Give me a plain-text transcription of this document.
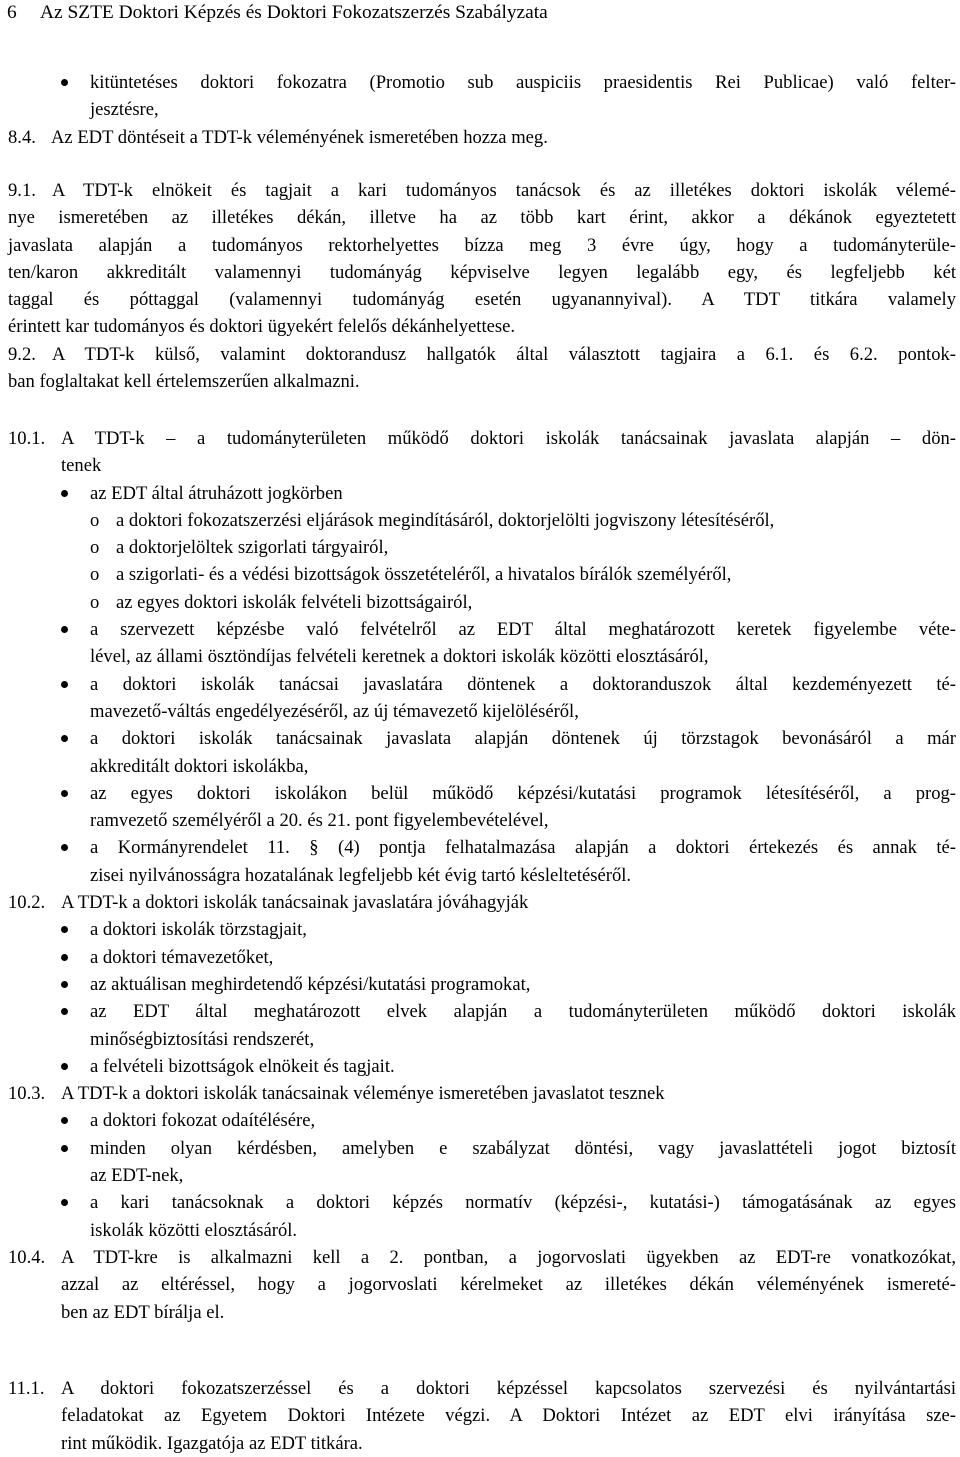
6 Az SZTE Doktori Képzés és Doktori Fokozatszerzés Szabályzata
kitüntetéses doktori fokozatra (Promotio sub auspiciis praesidentis Rei Publicae) való felter-
jesztésre,
8.4. Az EDT döntéseit a TDT-k véleményének ismeretében hozza meg.
9.1. A TDT-k elnökeit és tagjait a kari tudományos tanácsok és az illetékes doktori iskolák vélemé-
nye ismeretében az illetékes dékán, illetve ha az több kart érint, akkor a dékánok egyeztetett
javaslata alapján a tudományos rektorhelyettes bízza meg 3 évre úgy, hogy a tudományterüle-
ten/karon akkreditált valamennyi tudományág képviselve legyen legalább egy, és legfeljebb két
taggal és póttaggal (valamennyi tudományág esetén ugyanannyival). A TDT titkára valamely
érintett kar tudományos és doktori ügyekért felelős dékánhelyettese.
9.2. A TDT-k külső, valamint doktorandusz hallgatók által választott tagjaira a 6.1. és 6.2. pontok-
ban foglaltakat kell értelemszerűen alkalmazni.
10.1. A TDT-k – a tudományterületen működő doktori iskolák tanácsainak javaslata alapján – dön-
tenek
az EDT által átruházott jogkörben
o a doktori fokozatszerzési eljárások megindításáról, doktorjelölti jogviszony létesítéséről,
o a doktorjelöltek szigorlati tárgyairól,
o a szigorlati- és a védési bizottságok összetételéről, a hivatalos bírálók személyéről,
o az egyes doktori iskolák felvételi bizottságairól,
a szervezett képzésbe való felvételről az EDT által meghatározott keretek figyelembe véte-
lével, az állami ösztöndíjas felvételi keretnek a doktori iskolák közötti elosztásáról,
a doktori iskolák tanácsai javaslatára döntenek a doktoranduszok által kezdeményezett té-
mavezető-váltás engedélyezéséről, az új témavezető kijelöléséről,
a doktori iskolák tanácsainak javaslata alapján döntenek új törzstagok bevonásáról a már
akkreditált doktori iskolákba,
az egyes doktori iskolákon belül működő képzési/kutatási programok létesítéséről, a prog-
ramvezető személyéről a 20. és 21. pont figyelembevételével,
a Kormányrendelet 11. § (4) pontja felhatalmazása alapján a doktori értekezés és annak té-
zisei nyilvánosságra hozatalának legfeljebb két évig tartó késleltetéséről.
10.2. A TDT-k a doktori iskolák tanácsainak javaslatára jóváhagyják
a doktori iskolák törzstagjait,
a doktori témavezetőket,
az aktuálisan meghirdetendő képzési/kutatási programokat,
az EDT által meghatározott elvek alapján a tudományterületen működő doktori iskolák
minőségbiztosítási rendszerét,
a felvételi bizottságok elnökeit és tagjait.
10.3. A TDT-k a doktori iskolák tanácsainak véleménye ismeretében javaslatot tesznek
a doktori fokozat odaítélésére,
minden olyan kérdésben, amelyben e szabályzat döntési, vagy javaslattételi jogot biztosít
az EDT-nek,
a kari tanácsoknak a doktori képzés normatív (képzési-, kutatási-) támogatásának az egyes
iskolák közötti elosztásáról.
10.4. A TDT-kre is alkalmazni kell a 2. pontban, a jogorvoslati ügyekben az EDT-re vonatkozókat,
azzal az eltéréssel, hogy a jogorvoslati kérelmeket az illetékes dékán véleményének ismereté-
ben az EDT bírálja el.
11.1. A doktori fokozatszerzéssel és a doktori képzéssel kapcsolatos szervezési és nyilvántartási
feladatokat az Egyetem Doktori Intézete végzi. A Doktori Intézet az EDT elvi irányítása sze-
rint működik. Igazgatója az EDT titkára.
